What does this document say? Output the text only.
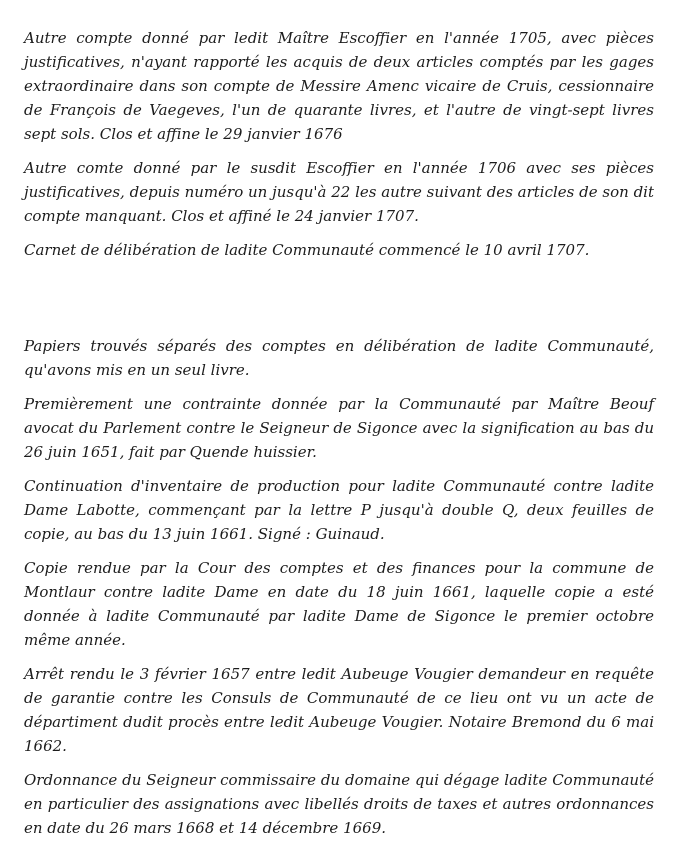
Autre compte donné par ledit Maître Escoffier en l'année 1705, avec pièces justificatives, n'ayant rapporté les acquis de deux articles comptés par les gages extraordinaire dans son compte de Messire Amenc vicaire de Cruis, cessionnaire de François de Vaegeves, l'un de quarante livres, et l'autre de vingt-sept livres sept sols. Clos et affine le 29 janvier 1676

Autre comte donné par le susdit Escoffier en l'année 1706 avec ses pièces justificatives, depuis numéro un jusqu'à 22 les autre suivant des articles de son dit compte manquant. Clos et affiné le 24 janvier 1707.

Carnet de délibération de ladite Communauté commencé le 10 avril 1707.

Papiers trouvés séparés des comptes en délibération de ladite Communauté, qu'avons mis en un seul livre.

Premièrement une contrainte donnée par la Communauté par Maître Beouf avocat du Parlement contre le Seigneur de Sigonce avec la signification au bas du 26 juin 1651, fait par Quende huissier.

Continuation d'inventaire de production pour ladite Communauté contre ladite Dame Labotte, commençant par la lettre P jusqu'à double Q, deux feuilles de copie, au bas du 13 juin 1661. Signé : Guinaud.

Copie rendue par la Cour des comptes et des finances pour la commune de Montlaur contre ladite Dame en date du 18 juin 1661, laquelle copie a esté donnée à ladite Communauté par ladite Dame de Sigonce le premier octobre même année.

Arrêt rendu le 3 février 1657 entre ledit Aubeuge Vougier demandeur en requête de garantie contre les Consuls de Communauté de ce lieu ont vu un acte de départiment dudit procès entre ledit Aubeuge Vougier. Notaire Bremond du 6 mai 1662.

Ordonnance du Seigneur commissaire du domaine qui dégage ladite Communauté en particulier des assignations avec libellés droits de taxes et autres ordonnances en date du 26 mars 1668 et 14 décembre 1669.
